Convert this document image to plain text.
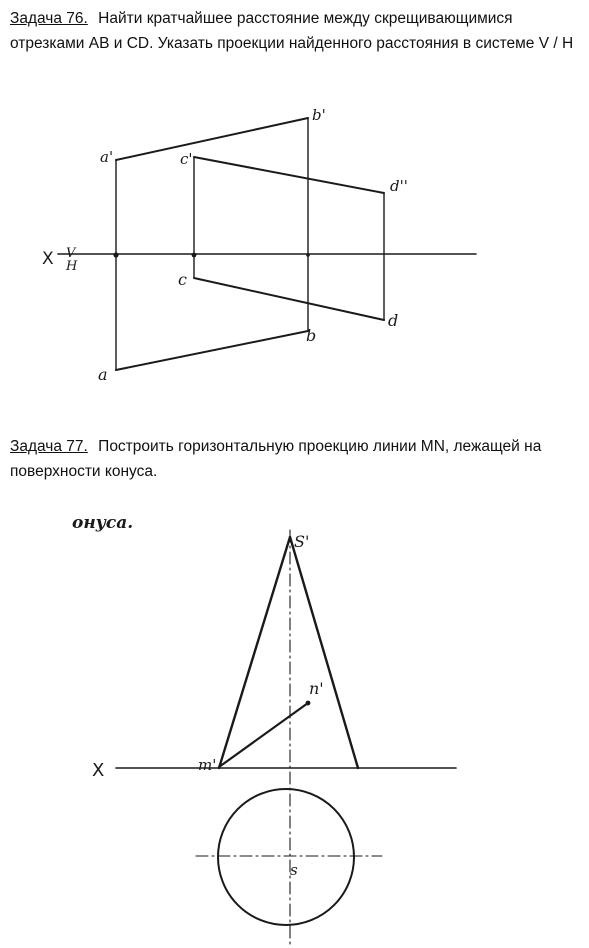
Задача 76. Найти кратчайшее расстояние между скрещивающимися отрезками AB и CD. Указать проекции найденного расстояния в системе V / H
Задача 77. Построить горизонтальную проекцию линии MN, лежащей на поверхности конуса.
X V
H
a'
b'
c'
d''
c
a
b
d
онуса.
X
S'
n'
m'
s
